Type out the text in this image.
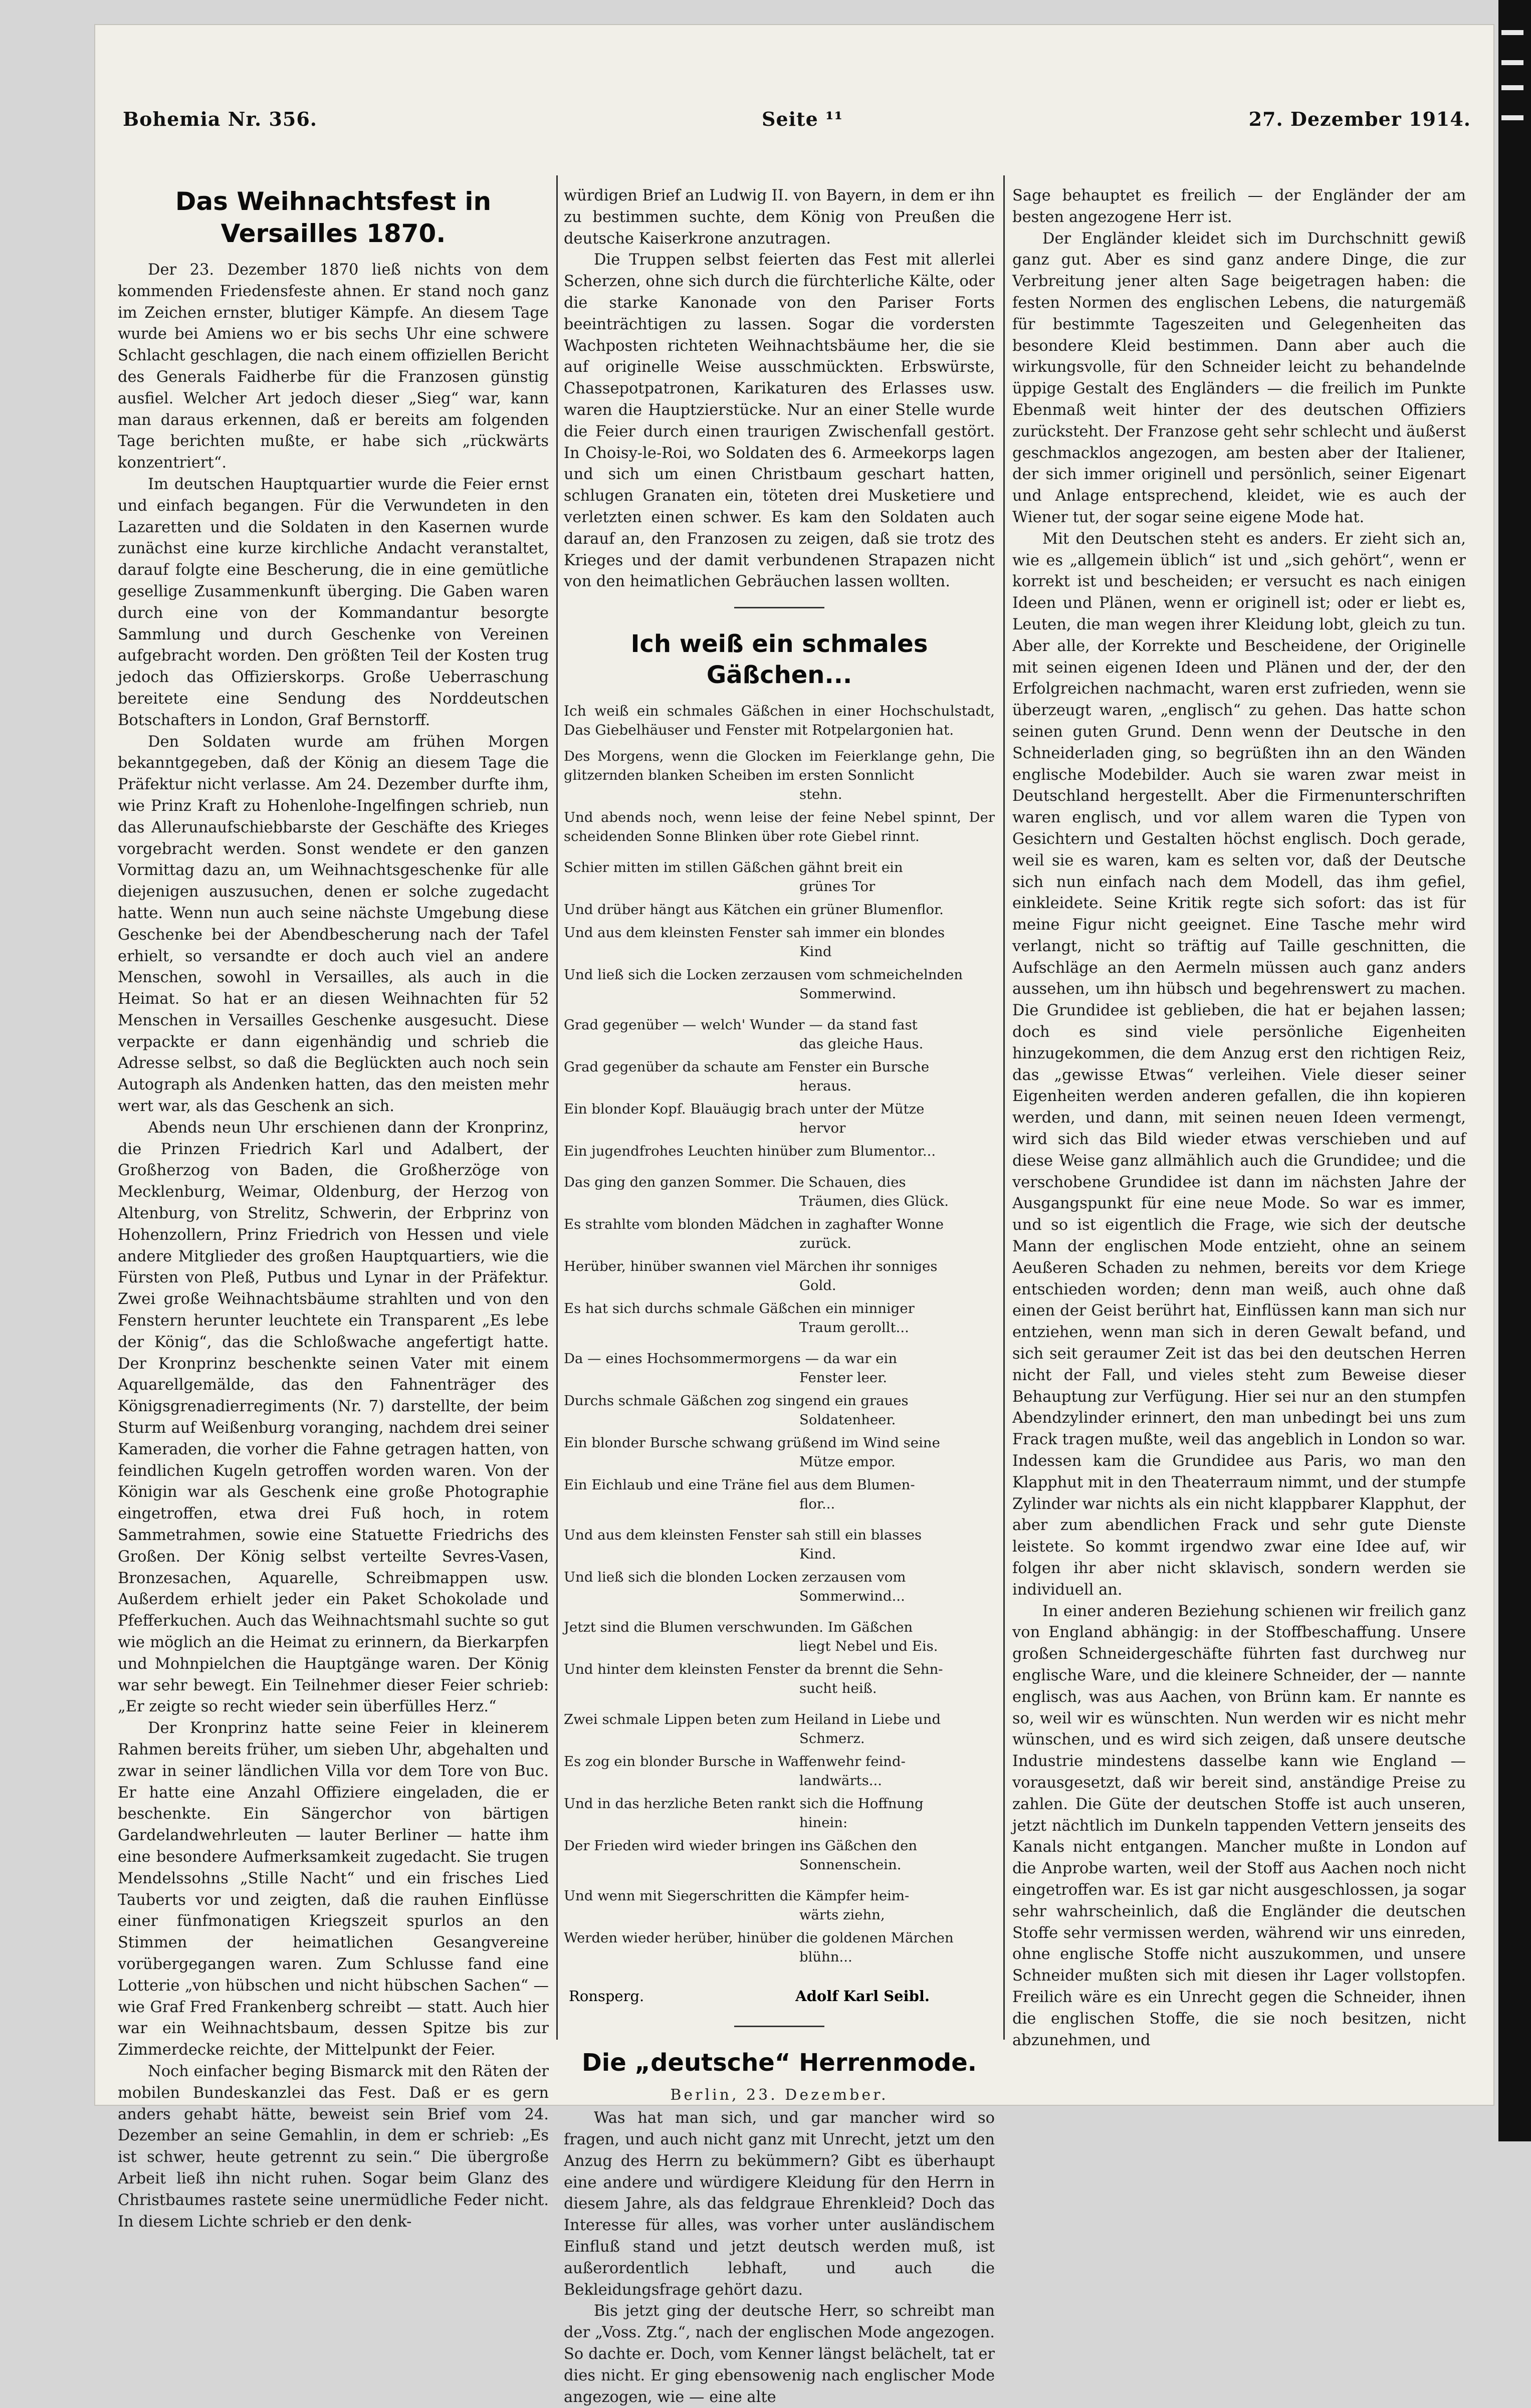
Bohemia Nr. 356.	Seite ¹¹	27. Dezember 1914.
Das Weihnachtsfest in Versailles 1870.

Der 23. Dezember 1870 ließ nichts von dem kommenden Friedensfeste ahnen. Er stand noch ganz im Zeichen ernster, blutiger Kämpfe. An diesem Tage wurde bei Amiens wo er bis sechs Uhr eine schwere Schlacht geschlagen, die nach einem offiziellen Bericht des Generals Faidherbe für die Franzosen günstig ausfiel. Welcher Art jedoch dieser „Sieg“ war, kann man daraus erkennen, daß er bereits am folgenden Tage berichten mußte, er habe sich „rückwärts konzentriert“.

Im deutschen Hauptquartier wurde die Feier ernst und einfach begangen. Für die Verwundeten in den Lazaretten und die Soldaten in den Kasernen wurde zunächst eine kurze kirchliche Andacht veranstaltet, darauf folgte eine Bescherung, die in eine gemütliche gesellige Zusammenkunft überging. Die Gaben waren durch eine von der Kommandantur besorgte Sammlung und durch Geschenke von Vereinen aufgebracht worden. Den größten Teil der Kosten trug jedoch das Offizierskorps. Große Ueberraschung bereitete eine Sendung des Norddeutschen Botschafters in London, Graf Bernstorff.

Den Soldaten wurde am frühen Morgen bekanntgegeben, daß der König an diesem Tage die Präfektur nicht verlasse. Am 24. Dezember durfte ihm, wie Prinz Kraft zu Hohenlohe-Ingelfingen schrieb, nun das Allerunaufschiebbarste der Geschäfte des Krieges vorgebracht werden. Sonst wendete er den ganzen Vormittag dazu an, um Weihnachtsgeschenke für alle diejenigen auszusuchen, denen er solche zugedacht hatte. Wenn nun auch seine nächste Umgebung diese Geschenke bei der Abendbescherung nach der Tafel erhielt, so versandte er doch auch viel an andere Menschen, sowohl in Versailles, als auch in die Heimat. So hat er an diesen Weihnachten für 52 Menschen in Versailles Geschenke ausgesucht. Diese verpackte er dann eigenhändig und schrieb die Adresse selbst, so daß die Beglückten auch noch sein Autograph als Andenken hatten, das den meisten mehr wert war, als das Geschenk an sich.

Abends neun Uhr erschienen dann der Kronprinz, die Prinzen Friedrich Karl und Adalbert, der Großherzog von Baden, die Großherzöge von Mecklenburg, Weimar, Oldenburg, der Herzog von Altenburg, von Strelitz, Schwerin, der Erbprinz von Hohenzollern, Prinz Friedrich von Hessen und viele andere Mitglieder des großen Hauptquartiers, wie die Fürsten von Pleß, Putbus und Lynar in der Präfektur. Zwei große Weihnachtsbäume strahlten und von den Fenstern herunter leuchtete ein Transparent „Es lebe der König“, das die Schloßwache angefertigt hatte. Der Kronprinz beschenkte seinen Vater mit einem Aquarellgemälde, das den Fahnenträger des Königsgrenadierregiments (Nr. 7) darstellte, der beim Sturm auf Weißenburg voranging, nachdem drei seiner Kameraden, die vorher die Fahne getragen hatten, von feindlichen Kugeln getroffen worden waren. Von der Königin war als Geschenk eine große Photographie eingetroffen, etwa drei Fuß hoch, in rotem Sammetrahmen, sowie eine Statuette Friedrichs des Großen. Der König selbst verteilte Sevres-Vasen, Bronzesachen, Aquarelle, Schreibmappen usw. Außerdem erhielt jeder ein Paket Schokolade und Pfefferkuchen. Auch das Weihnachtsmahl suchte so gut wie möglich an die Heimat zu erinnern, da Bierkarpfen und Mohnpielchen die Hauptgänge waren. Der König war sehr bewegt. Ein Teilnehmer dieser Feier schrieb: „Er zeigte so recht wieder sein überfülles Herz.“

Der Kronprinz hatte seine Feier in kleinerem Rahmen bereits früher, um sieben Uhr, abgehalten und zwar in seiner ländlichen Villa vor dem Tore von Buc. Er hatte eine Anzahl Offiziere eingeladen, die er beschenkte. Ein Sängerchor von bärtigen Gardelandwehrleuten — lauter Berliner — hatte ihm eine besondere Aufmerksamkeit zugedacht. Sie trugen Mendelssohns „Stille Nacht“ und ein frisches Lied Tauberts vor und zeigten, daß die rauhen Einflüsse einer fünfmonatigen Kriegszeit spurlos an den Stimmen der heimatlichen Gesangvereine vorübergegangen waren. Zum Schlusse fand eine Lotterie „von hübschen und nicht hübschen Sachen“ — wie Graf Fred Frankenberg schreibt — statt. Auch hier war ein Weihnachtsbaum, dessen Spitze bis zur Zimmerdecke reichte, der Mittelpunkt der Feier.

Noch einfacher beging Bismarck mit den Räten der mobilen Bundeskanzlei das Fest. Daß er es gern anders gehabt hätte, beweist sein Brief vom 24. Dezember an seine Gemahlin, in dem er schrieb: „Es ist schwer, heute getrennt zu sein.“ Die übergroße Arbeit ließ ihn nicht ruhen. Sogar beim Glanz des Christbaumes rastete seine unermüdliche Feder nicht. In diesem Lichte schrieb er den denk-

würdigen Brief an Ludwig II. von Bayern, in dem er ihn zu bestimmen suchte, dem König von Preußen die deutsche Kaiserkrone anzutragen.

Die Truppen selbst feierten das Fest mit allerlei Scherzen, ohne sich durch die fürchterliche Kälte, oder die starke Kanonade von den Pariser Forts beeinträchtigen zu lassen. Sogar die vordersten Wachposten richteten Weihnachtsbäume her, die sie auf originelle Weise ausschmückten. Erbswürste, Chassepotpatronen, Karikaturen des Erlasses usw. waren die Hauptzierstücke. Nur an einer Stelle wurde die Feier durch einen traurigen Zwischenfall gestört. In Choisy-le-Roi, wo Soldaten des 6. Armeekorps lagen und sich um einen Christbaum geschart hatten, schlugen Granaten ein, töteten drei Musketiere und verletzten einen schwer. Es kam den Soldaten auch darauf an, den Franzosen zu zeigen, daß sie trotz des Krieges und der damit verbundenen Strapazen nicht von den heimatlichen Gebräuchen lassen wollten.

Ich weiß ein schmales Gäßchen...

Ich weiß ein schmales Gäßchen in einer Hochschulstadt, Das Giebelhäuser und Fenster mit Rotpelargonien hat.

Des Morgens, wenn die Glocken im Feierklange gehn, Die glitzernden blanken Scheiben im ersten Sonnlicht
stehn.

Und abends noch, wenn leise der feine Nebel spinnt, Der scheidenden Sonne Blinken über rote Giebel rinnt.

Schier mitten im stillen Gäßchen gähnt breit ein
grünes Tor

Und drüber hängt aus Kätchen ein grüner Blumenflor.

Und aus dem kleinsten Fenster sah immer ein blondes
Kind

Und ließ sich die Locken zerzausen vom schmeichelnden
Sommerwind.

Grad gegenüber — welch' Wunder — da stand fast
das gleiche Haus.

Grad gegenüber da schaute am Fenster ein Bursche
heraus.

Ein blonder Kopf. Blauäugig brach unter der Mütze
hervor

Ein jugendfrohes Leuchten hinüber zum Blumentor...

Das ging den ganzen Sommer. Die Schauen, dies
Träumen, dies Glück.

Es strahlte vom blonden Mädchen in zaghafter Wonne
zurück.

Herüber, hinüber swannen viel Märchen ihr sonniges
Gold.

Es hat sich durchs schmale Gäßchen ein minniger
Traum gerollt...

Da — eines Hochsommermorgens — da war ein
Fenster leer.

Durchs schmale Gäßchen zog singend ein graues
Soldatenheer.

Ein blonder Bursche schwang grüßend im Wind seine
Mütze empor.

Ein Eichlaub und eine Träne fiel aus dem Blumen-
flor...

Und aus dem kleinsten Fenster sah still ein blasses
Kind.

Und ließ sich die blonden Locken zerzausen vom
Sommerwind...

Jetzt sind die Blumen verschwunden. Im Gäßchen
liegt Nebel und Eis.

Und hinter dem kleinsten Fenster da brennt die Sehn-
sucht heiß.

Zwei schmale Lippen beten zum Heiland in Liebe und
Schmerz.

Es zog ein blonder Bursche in Waffenwehr feind-
landwärts...

Und in das herzliche Beten rankt sich die Hoffnung
hinein:

Der Frieden wird wieder bringen ins Gäßchen den
Sonnenschein.

Und wenn mit Siegerschritten die Kämpfer heim-
wärts ziehn,

Werden wieder herüber, hinüber die goldenen Märchen
blühn...

Ronsperg.	Adolf Karl Seibl.
Die „deutsche“ Herrenmode.

Berlin, 23. Dezember.

Was hat man sich, und gar mancher wird so fragen, und auch nicht ganz mit Unrecht, jetzt um den Anzug des Herrn zu bekümmern? Gibt es überhaupt eine andere und würdigere Kleidung für den Herrn in diesem Jahre, als das feldgraue Ehrenkleid? Doch das Interesse für alles, was vorher unter ausländischem Einfluß stand und jetzt deutsch werden muß, ist außerordentlich lebhaft, und auch die Bekleidungsfrage gehört dazu.

Bis jetzt ging der deutsche Herr, so schreibt man der „Voss. Ztg.“, nach der englischen Mode angezogen. So dachte er. Doch, vom Kenner längst belächelt, tat er dies nicht. Er ging ebensowenig nach englischer Mode angezogen, wie — eine alte

Sage behauptet es freilich — der Engländer der am besten angezogene Herr ist.

Der Engländer kleidet sich im Durchschnitt gewiß ganz gut. Aber es sind ganz andere Dinge, die zur Verbreitung jener alten Sage beigetragen haben: die festen Normen des englischen Lebens, die naturgemäß für bestimmte Tageszeiten und Gelegenheiten das besondere Kleid bestimmen. Dann aber auch die wirkungsvolle, für den Schneider leicht zu behandelnde üppige Gestalt des Engländers — die freilich im Punkte Ebenmaß weit hinter der des deutschen Offiziers zurücksteht. Der Franzose geht sehr schlecht und äußerst geschmacklos angezogen, am besten aber der Italiener, der sich immer originell und persönlich, seiner Eigenart und Anlage entsprechend, kleidet, wie es auch der Wiener tut, der sogar seine eigene Mode hat.

Mit den Deutschen steht es anders. Er zieht sich an, wie es „allgemein üblich“ ist und „sich gehört“, wenn er korrekt ist und bescheiden; er versucht es nach einigen Ideen und Plänen, wenn er originell ist; oder er liebt es, Leuten, die man wegen ihrer Kleidung lobt, gleich zu tun. Aber alle, der Korrekte und Bescheidene, der Originelle mit seinen eigenen Ideen und Plänen und der, der den Erfolgreichen nachmacht, waren erst zufrieden, wenn sie überzeugt waren, „englisch“ zu gehen. Das hatte schon seinen guten Grund. Denn wenn der Deutsche in den Schneiderladen ging, so begrüßten ihn an den Wänden englische Modebilder. Auch sie waren zwar meist in Deutschland hergestellt. Aber die Firmenunterschriften waren englisch, und vor allem waren die Typen von Gesichtern und Gestalten höchst englisch. Doch gerade, weil sie es waren, kam es selten vor, daß der Deutsche sich nun einfach nach dem Modell, das ihm gefiel, einkleidete. Seine Kritik regte sich sofort: das ist für meine Figur nicht geeignet. Eine Tasche mehr wird verlangt, nicht so träftig auf Taille geschnitten, die Aufschläge an den Aermeln müssen auch ganz anders aussehen, um ihn hübsch und begehrenswert zu machen. Die Grundidee ist geblieben, die hat er bejahen lassen; doch es sind viele persönliche Eigenheiten hinzugekommen, die dem Anzug erst den richtigen Reiz, das „gewisse Etwas“ verleihen. Viele dieser seiner Eigenheiten werden anderen gefallen, die ihn kopieren werden, und dann, mit seinen neuen Ideen vermengt, wird sich das Bild wieder etwas verschieben und auf diese Weise ganz allmählich auch die Grundidee; und die verschobene Grundidee ist dann im nächsten Jahre der Ausgangspunkt für eine neue Mode. So war es immer, und so ist eigentlich die Frage, wie sich der deutsche Mann der englischen Mode entzieht, ohne an seinem Aeußeren Schaden zu nehmen, bereits vor dem Kriege entschieden worden; denn man weiß, auch ohne daß einen der Geist berührt hat, Einflüssen kann man sich nur entziehen, wenn man sich in deren Gewalt befand, und sich seit geraumer Zeit ist das bei den deutschen Herren nicht der Fall, und vieles steht zum Beweise dieser Behauptung zur Verfügung. Hier sei nur an den stumpfen Abendzylinder erinnert, den man unbedingt bei uns zum Frack tragen mußte, weil das angeblich in London so war. Indessen kam die Grundidee aus Paris, wo man den Klapphut mit in den Theaterraum nimmt, und der stumpfe Zylinder war nichts als ein nicht klappbarer Klapphut, der aber zum abendlichen Frack und sehr gute Dienste leistete. So kommt irgendwo zwar eine Idee auf, wir folgen ihr aber nicht sklavisch, sondern werden sie individuell an.

In einer anderen Beziehung schienen wir freilich ganz von England abhängig: in der Stoffbeschaffung. Unsere großen Schneidergeschäfte führten fast durchweg nur englische Ware, und die kleinere Schneider, der — nannte englisch, was aus Aachen, von Brünn kam. Er nannte es so, weil wir es wünschten. Nun werden wir es nicht mehr wünschen, und es wird sich zeigen, daß unsere deutsche Industrie mindestens dasselbe kann wie England — vorausgesetzt, daß wir bereit sind, anständige Preise zu zahlen. Die Güte der deutschen Stoffe ist auch unseren, jetzt nächtlich im Dunkeln tappenden Vettern jenseits des Kanals nicht entgangen. Mancher mußte in London auf die Anprobe warten, weil der Stoff aus Aachen noch nicht eingetroffen war. Es ist gar nicht ausgeschlossen, ja sogar sehr wahrscheinlich, daß die Engländer die deutschen Stoffe sehr vermissen werden, während wir uns einreden, ohne englische Stoffe nicht auszukommen, und unsere Schneider mußten sich mit diesen ihr Lager vollstopfen. Freilich wäre es ein Unrecht gegen die Schneider, ihnen die englischen Stoffe, die sie noch besitzen, nicht abzunehmen, und
